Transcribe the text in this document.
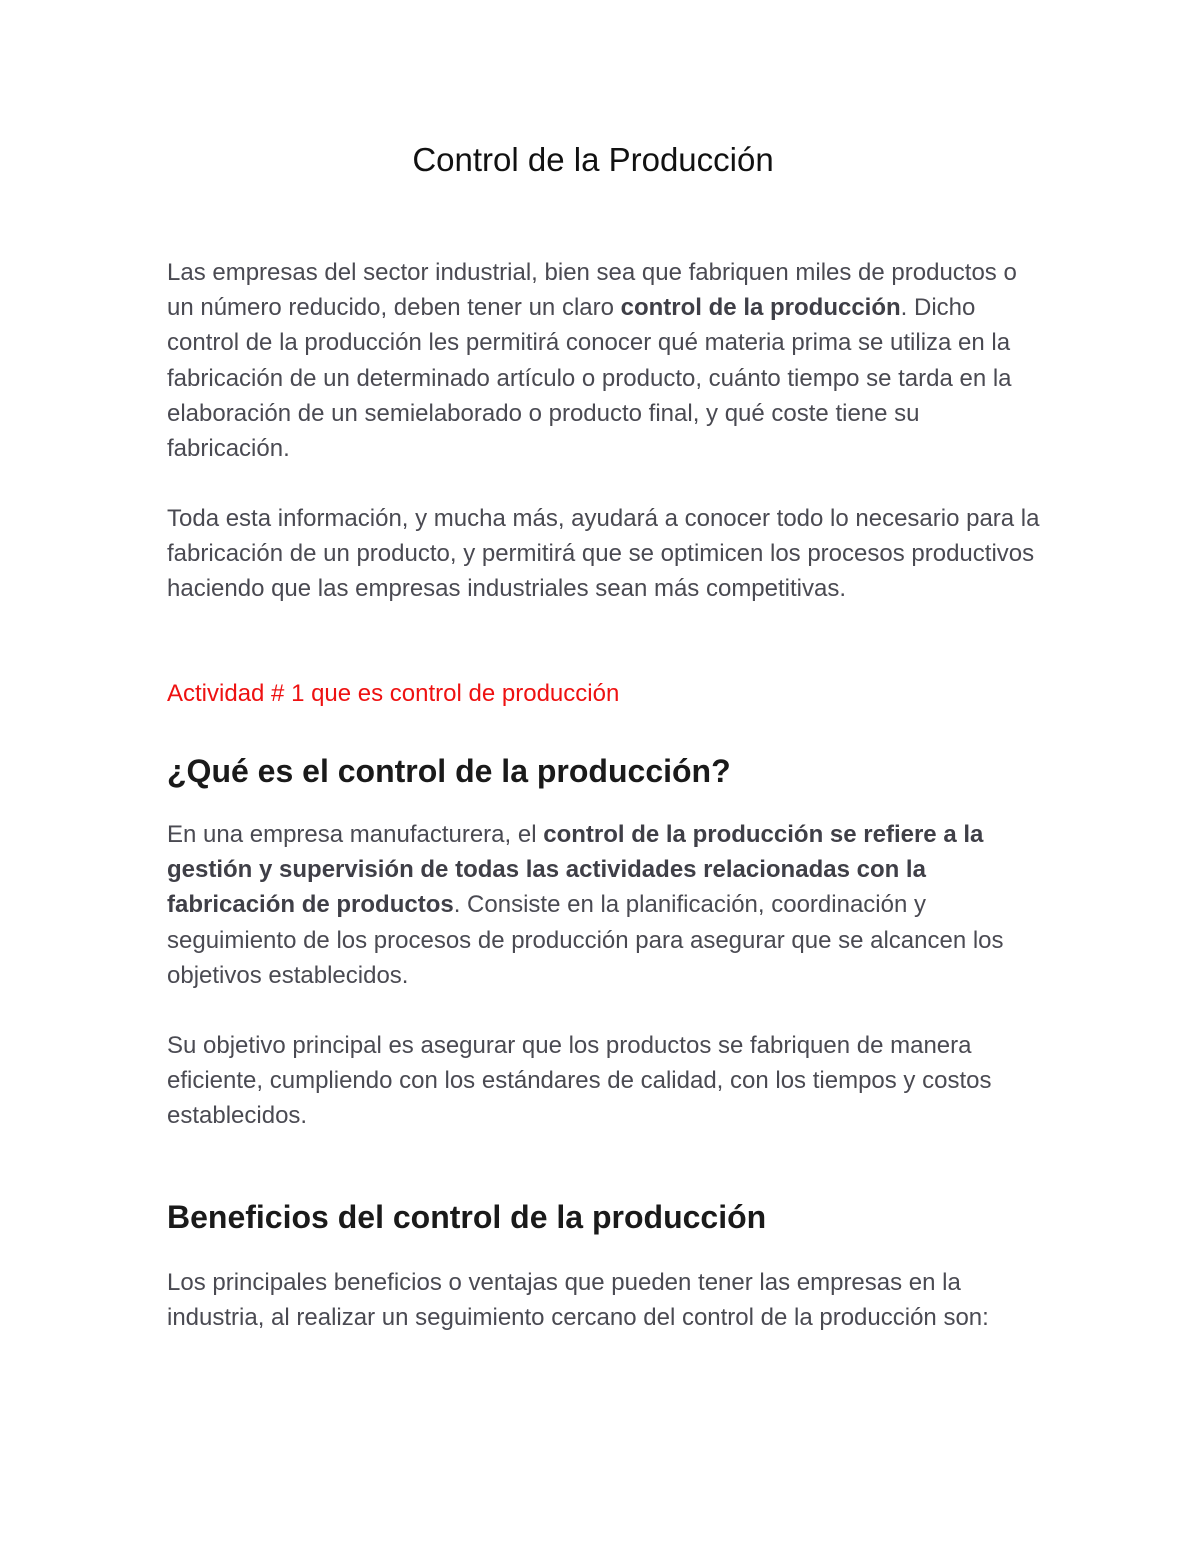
Control de la Producción

Las empresas del sector industrial, bien sea que fabriquen miles de productos o un número reducido, deben tener un claro control de la producción. Dicho control de la producción les permitirá conocer qué materia prima se utiliza en la fabricación de un determinado artículo o producto, cuánto tiempo se tarda en la elaboración de un semielaborado o producto final, y qué coste tiene su fabricación.

Toda esta información, y mucha más, ayudará a conocer todo lo necesario para la fabricación de un producto, y permitirá que se optimicen los procesos productivos haciendo que las empresas industriales sean más competitivas.

Actividad # 1 que es control de producción
¿Qué es el control de la producción?

En una empresa manufacturera, el control de la producción se refiere a la gestión y supervisión de todas las actividades relacionadas con la fabricación de productos. Consiste en la planificación, coordinación y seguimiento de los procesos de producción para asegurar que se alcancen los objetivos establecidos.

Su objetivo principal es asegurar que los productos se fabriquen de manera eficiente, cumpliendo con los estándares de calidad, con los tiempos y costos establecidos.

Beneficios del control de la producción

Los principales beneficios o ventajas que pueden tener las empresas en la industria, al realizar un seguimiento cercano del control de la producción son:
